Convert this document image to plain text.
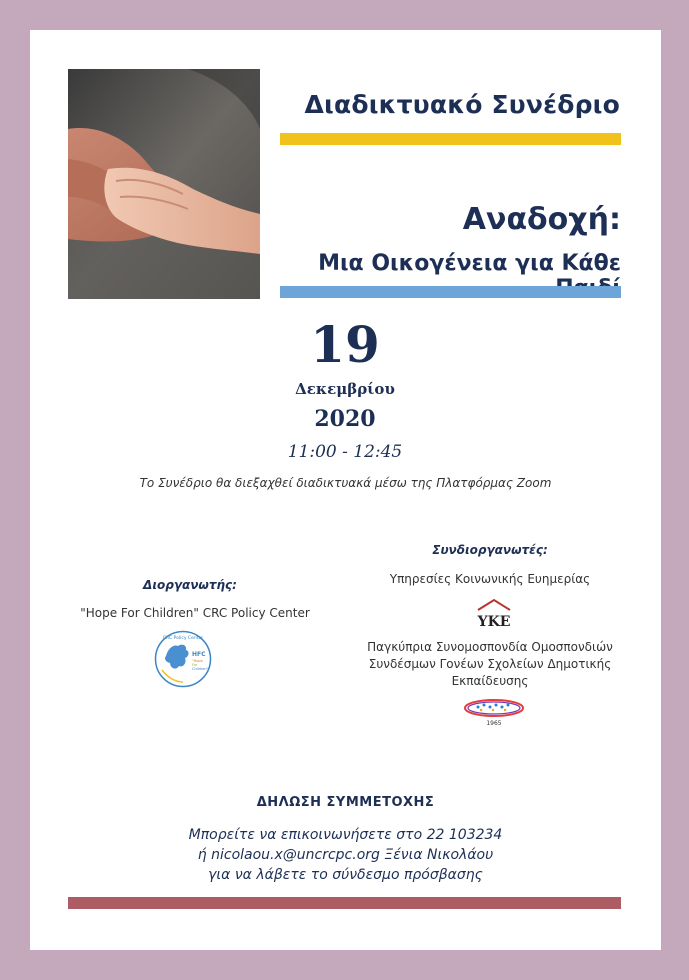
Διαδικτυακό Συνέδριο
Αναδοχή:
Μια Οικογένεια για Κάθε
19
Δεκεμβρίου
2020
11:00 - 12:45
Το Συνέδριο θα διεξαχθεί διαδικτυακά μέσω της Πλατφόρμας Zoom
Διοργανωτής:
"Hope For Children" CRC Policy Center
CRC Policy Center
HFC
"Hope
For
Children"
Συνδιοργανωτές:
Υπηρεσίες Κοινωνικής Ευημερίας
ΥΚΕ
Παγκύπρια Συνομοσπονδία Ομοσπονδιών
Συνδέσμων Γονέων Σχολείων Δημοτικής
Εκπαίδευσης
1965
ΔΗΛΩΣΗ ΣΥΜΜΕΤΟΧΗΣ
Μπορείτε να επικοινωνήσετε στο 22 103234
ή nicolaou.x@uncrcpc.org Ξένια Νικολάου
για να λάβετε το σύνδεσμο πρόσβασης
